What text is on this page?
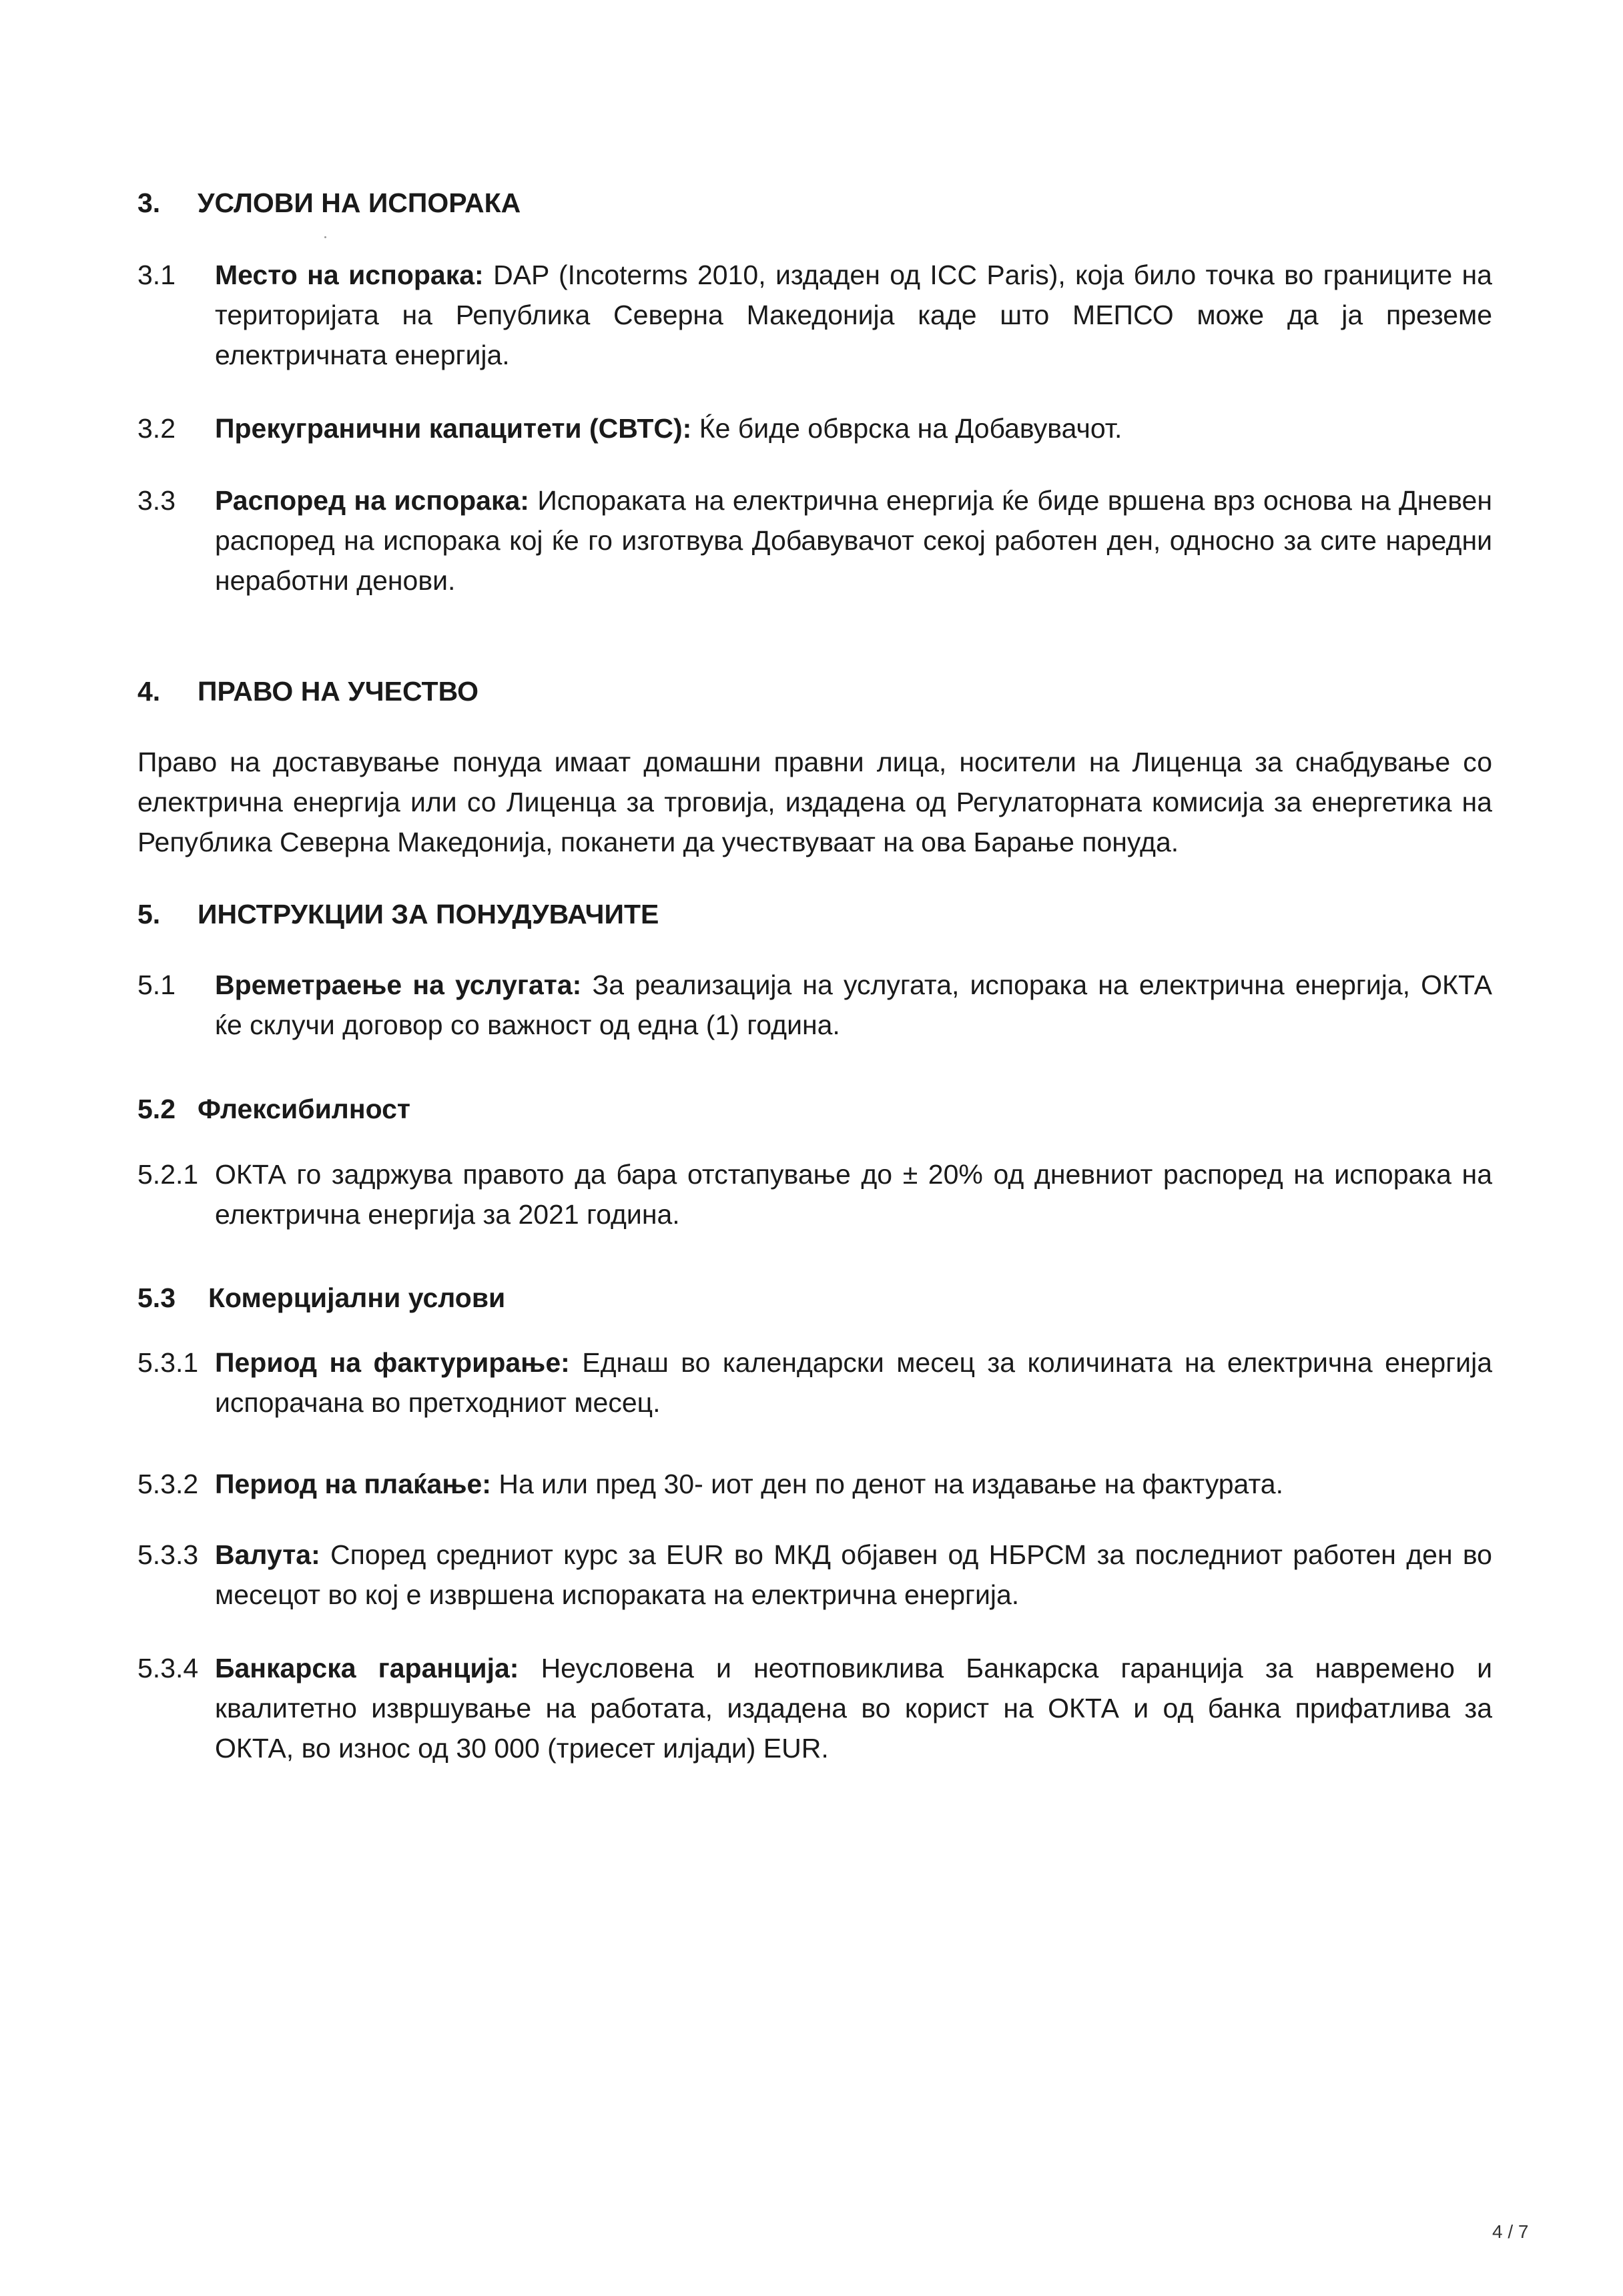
3.	УСЛОВИ НА ИСПОРАКА
3.1	Место на испорака: DAP (Incoterms 2010, издаден од ICC Paris), која било точка во границите на територијата на Република Северна Македонија каде што МЕПСО може да ја преземе електричната енергија.
3.2	Прекугранични капацитети (СВТС): Ќе биде обврска на Добавувачот.
3.3	Распоред на испорака: Испораката на електрична енергија ќе биде вршена врз основа на Дневен распоред на испорака кој ќе го изготвува Добавувачот секој работен ден, односно за сите наредни неработни денови.
4.	ПРАВО НА УЧЕСТВО
Право на доставување понуда имаат домашни правни лица, носители на Лиценца за снабдување со електрична енергија или со Лиценца за трговија, издадена од Регулаторната комисија за енергетика на Република Северна Македонија, поканети да учествуваат на ова Барање понуда.
5.	ИНСТРУКЦИИ ЗА ПОНУДУВАЧИТЕ
5.1	Времетраење на услугата: За реализација на услугата, испорака на електрична енергија, ОКТА ќе склучи договор со важност од една (1) година.
5.2 Флексибилност
5.2.1 ОКТА го задржува правото да бара отстапување до ± 20% од дневниот распоред на испорака на електрична енергија за 2021 година.
5.3	Комерцијални услови
5.3.1 Период на фактурирање: Еднаш во календарски месец за количината на електрична енергија испорачана во претходниот месец.
5.3.2 Период на плаќање: На или пред 30- иот ден по денот на издавање на фактурата.
5.3.3 Валута: Според средниот курс за EUR во МКД објавен од НБРСМ за последниот работен ден во месецот во кој е извршена испораката на електрична енергија.
5.3.4 Банкарска гаранција: Неусловена и неотповиклива Банкарска гаранција за навремено и квалитетно извршување на работата, издадена во корист на ОКТА и од банка прифатлива за ОКТА, во износ од 30 000 (триесет илјади) EUR.
4 / 7
